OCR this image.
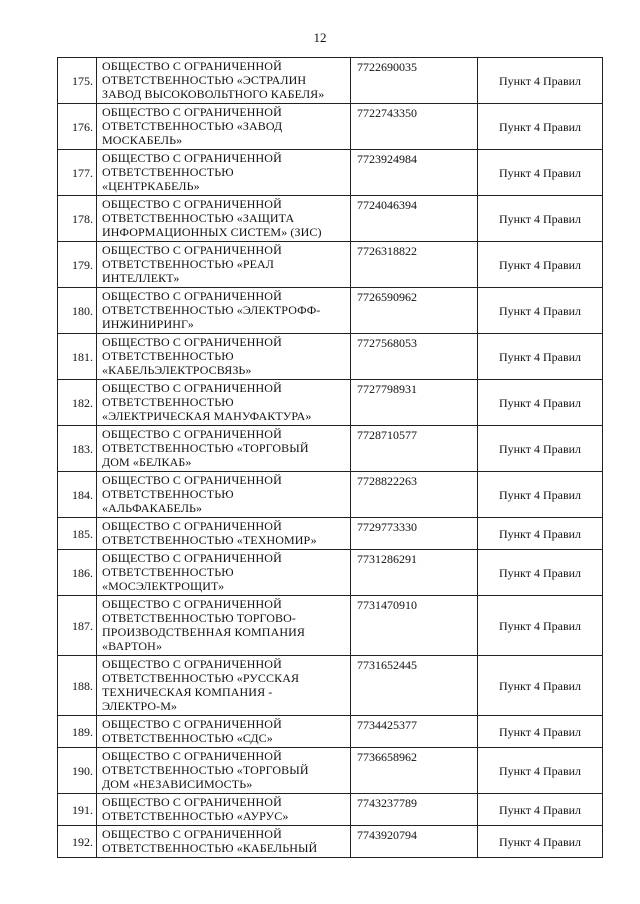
12
175.	ОБЩЕСТВО С ОГРАНИЧЕННОЙ
ОТВЕТСТВЕННОСТЬЮ «ЭСТРАЛИН
ЗАВОД ВЫСОКОВОЛЬТНОГО КАБЕЛЯ»	7722690035	Пункт 4 Правил
176.	ОБЩЕСТВО С ОГРАНИЧЕННОЙ
ОТВЕТСТВЕННОСТЬЮ «ЗАВОД
МОСКАБЕЛЬ»	7722743350	Пункт 4 Правил
177.	ОБЩЕСТВО С ОГРАНИЧЕННОЙ
ОТВЕТСТВЕННОСТЬЮ
«ЦЕНТРКАБЕЛЬ»	7723924984	Пункт 4 Правил
178.	ОБЩЕСТВО С ОГРАНИЧЕННОЙ
ОТВЕТСТВЕННОСТЬЮ «ЗАЩИТА
ИНФОРМАЦИОННЫХ СИСТЕМ» (ЗИС)	7724046394	Пункт 4 Правил
179.	ОБЩЕСТВО С ОГРАНИЧЕННОЙ
ОТВЕТСТВЕННОСТЬЮ «РЕАЛ
ИНТЕЛЛЕКТ»	7726318822	Пункт 4 Правил
180.	ОБЩЕСТВО С ОГРАНИЧЕННОЙ
ОТВЕТСТВЕННОСТЬЮ «ЭЛЕКТРОФФ-
ИНЖИНИРИНГ»	7726590962	Пункт 4 Правил
181.	ОБЩЕСТВО С ОГРАНИЧЕННОЙ
ОТВЕТСТВЕННОСТЬЮ
«КАБЕЛЬЭЛЕКТРОСВЯЗЬ»	7727568053	Пункт 4 Правил
182.	ОБЩЕСТВО С ОГРАНИЧЕННОЙ
ОТВЕТСТВЕННОСТЬЮ
«ЭЛЕКТРИЧЕСКАЯ МАНУФАКТУРА»	7727798931	Пункт 4 Правил
183.	ОБЩЕСТВО С ОГРАНИЧЕННОЙ
ОТВЕТСТВЕННОСТЬЮ «ТОРГОВЫЙ
ДОМ «БЕЛКАБ»	7728710577	Пункт 4 Правил
184.	ОБЩЕСТВО С ОГРАНИЧЕННОЙ
ОТВЕТСТВЕННОСТЬЮ
«АЛЬФАКАБЕЛЬ»	7728822263	Пункт 4 Правил
185.	ОБЩЕСТВО С ОГРАНИЧЕННОЙ
ОТВЕТСТВЕННОСТЬЮ «ТЕХНОМИР»	7729773330	Пункт 4 Правил
186.	ОБЩЕСТВО С ОГРАНИЧЕННОЙ
ОТВЕТСТВЕННОСТЬЮ
«МОСЭЛЕКТРОЩИТ»	7731286291	Пункт 4 Правил
187.	ОБЩЕСТВО С ОГРАНИЧЕННОЙ
ОТВЕТСТВЕННОСТЬЮ ТОРГОВО-
ПРОИЗВОДСТВЕННАЯ КОМПАНИЯ
«ВАРТОН»	7731470910	Пункт 4 Правил
188.	ОБЩЕСТВО С ОГРАНИЧЕННОЙ
ОТВЕТСТВЕННОСТЬЮ «РУССКАЯ
ТЕХНИЧЕСКАЯ КОМПАНИЯ -
ЭЛЕКТРО-М»	7731652445	Пункт 4 Правил
189.	ОБЩЕСТВО С ОГРАНИЧЕННОЙ
ОТВЕТСТВЕННОСТЬЮ «СДС»	7734425377	Пункт 4 Правил
190.	ОБЩЕСТВО С ОГРАНИЧЕННОЙ
ОТВЕТСТВЕННОСТЬЮ «ТОРГОВЫЙ
ДОМ «НЕЗАВИСИМОСТЬ»	7736658962	Пункт 4 Правил
191.	ОБЩЕСТВО С ОГРАНИЧЕННОЙ
ОТВЕТСТВЕННОСТЬЮ «АУРУС»	7743237789	Пункт 4 Правил
192.	ОБЩЕСТВО С ОГРАНИЧЕННОЙ
ОТВЕТСТВЕННОСТЬЮ «КАБЕЛЬНЫЙ	7743920794	Пункт 4 Правил
